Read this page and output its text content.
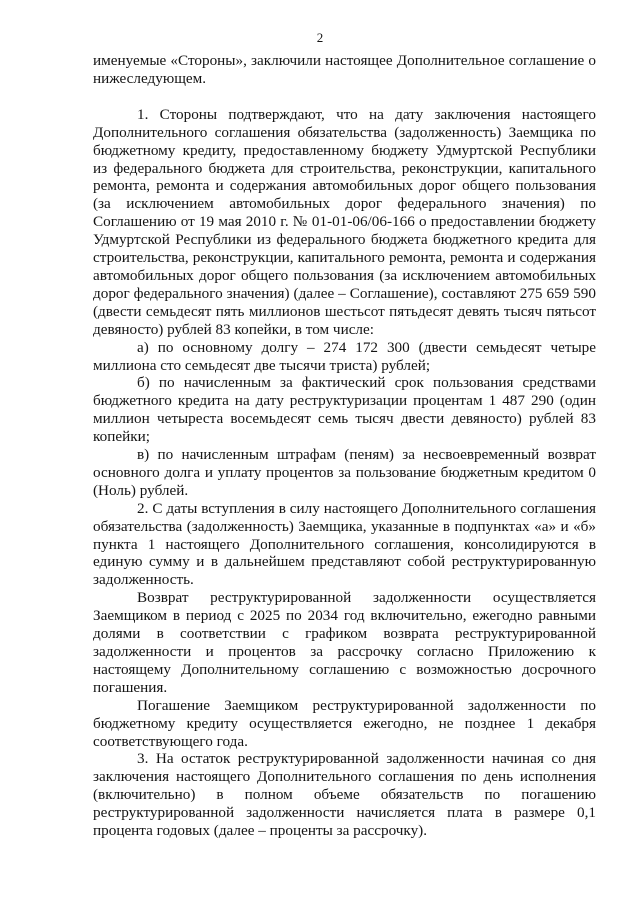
2

именуемые «Стороны», заключили настоящее Дополнительное соглашение о нижеследующем.

1. Стороны подтверждают, что на дату заключения настоящего Дополнительного соглашения обязательства (задолженность) Заемщика по бюджетному кредиту, предоставленному бюджету Удмуртской Республики из федерального бюджета для строительства, реконструкции, капитального ремонта, ремонта и содержания автомобильных дорог общего пользования (за исключением автомобильных дорог федерального значения) по Соглашению от 19 мая 2010 г. № 01-01-06/06-166 о предоставлении бюджету Удмуртской Республики из федерального бюджета бюджетного кредита для строительства, реконструкции, капитального ремонта, ремонта и содержания автомобильных дорог общего пользования (за исключением автомобильных дорог федерального значения) (далее – Соглашение), составляют 275 659 590 (двести семьдесят пять миллионов шестьсот пятьдесят девять тысяч пятьсот девяносто) рублей 83 копейки, в том числе:

а) по основному долгу – 274 172 300 (двести семьдесят четыре миллиона сто семьдесят две тысячи триста) рублей;

б) по начисленным за фактический срок пользования средствами бюджетного кредита на дату реструктуризации процентам 1 487 290 (один миллион четыреста восемьдесят семь тысяч двести девяносто) рублей 83 копейки;

в) по начисленным штрафам (пеням) за несвоевременный возврат основного долга и уплату процентов за пользование бюджетным кредитом 0 (Ноль) рублей.

2. С даты вступления в силу настоящего Дополнительного соглашения обязательства (задолженность) Заемщика, указанные в подпунктах «а» и «б» пункта 1 настоящего Дополнительного соглашения, консолидируются в единую сумму и в дальнейшем представляют собой реструктурированную задолженность.

Возврат реструктурированной задолженности осуществляется Заемщиком в период с 2025 по 2034 год включительно, ежегодно равными долями в соответствии с графиком возврата реструктурированной задолженности и процентов за рассрочку согласно Приложению к настоящему Дополнительному соглашению с возможностью досрочного погашения.

Погашение Заемщиком реструктурированной задолженности по бюджетному кредиту осуществляется ежегодно, не позднее 1 декабря соответствующего года.

3. На остаток реструктурированной задолженности начиная со дня заключения настоящего Дополнительного соглашения по день исполнения (включительно) в полном объеме обязательств по погашению реструктурированной задолженности начисляется плата в размере 0,1 процента годовых (далее – проценты за рассрочку).
